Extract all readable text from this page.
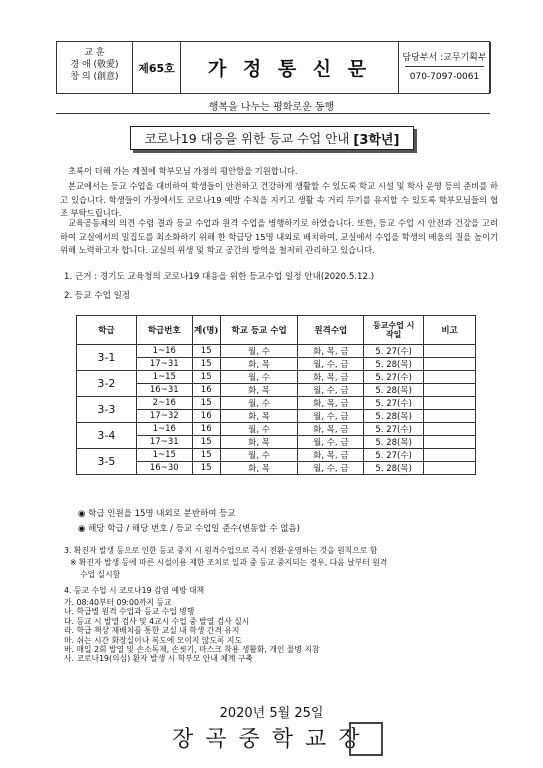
교 훈
경 애 (敬愛)
창 의 (創意)
제65호	가 정 통 신 문	담당부서 :교무기획부
070-7097-0061
행복을 나누는 평화로운 동행
코로나19 대응을 위한 등교 수업 안내 [3학년]

초록이 더해 가는 계절에 학부모님 가정의 평안함을 기원합니다.

본교에서는 등교 수업을 대비하여 학생들이 안전하고 건강하게 생활할 수 있도록 학교 시설 및 학사 운영 등의 준비를 하고 있습니다. 학생들이 가정에서도 코로나19 예방 수칙을 지키고 생활 속 거리 두기를 유지할 수 있도록 학부모님들의 협조 부탁드립니다.

교육공동체의 의견 수렴 결과 등교 수업과 원격 수업을 병행하기로 하였습니다. 또한, 등교 수업 시 안전과 건강을 고려하여 교실에서의 밀집도를 최소화하기 위해 한 학급당 15명 내외로 배치하여, 교실에서 수업을 학생의 배움의 질을 높이기 위해 노력하고자 합니다. 교실의 위생 및 학교 공간의 방역을 철저히 관리하고 있습니다.

1. 근거 : 경기도 교육청의 코로나19 대응을 위한 등교수업 일정 안내(2020.5.12.)
2. 등교 수업 일정
학급	학급번호	계(명)	학교 등교 수업	원격수업	등교수업 시작일	비고
3-1	1~16	15	월, 수	화, 목, 금	5. 27(수)	
	17~31	15	화, 목	월, 수, 금	5. 28(목)	
3-2	1~15	15	월, 수	화, 목, 금	5. 27(수)	
	16~31	16	화, 목	월, 수, 금	5. 28(목)	
3-3	2~16	15	월, 수	화, 목, 금	5. 27(수)	
	17~32	16	화, 목	월, 수, 금	5. 28(목)	
3-4	1~16	16	월, 수	화, 목, 금	5. 27(수)	
	17~31	15	화, 목	월, 수, 금	5. 28(목)	
3-5	1~15	15	월, 수	화, 목, 금	5. 27(수)	
	16~30	15	화, 목	월, 수, 금	5. 28(목)	
◉ 학급 인원을 15명 내외로 분반하여 등교
◉ 해당 학급 / 해당 번호 / 등교 수업일 준수(변동할 수 없음)
3. 확진자 발생 등으로 인한 등교 중지 시 원격수업으로 즉시 전환·운영하는 것을 원칙으로 함
※ 확진자 발생 등에 따른 시설이용 제한 조치로 일과 중 등교 중지되는 경우, 다음 날부터 원격
수업 실시함
4. 등교 수업 시 코로나19 감염 예방 대책
가. 08:40부터 09:00까지 등교
나. 학급별 원격 수업과 등교 수업 병행
다. 등교 시 발열 검사 및 4교시 수업 중 발열 검사 실시
라. 학급 책상 재배치를 통한 교실 내 학생 간격 유지
마. 쉬는 시간 화장실이나 복도에 모이지 않도록 지도
바. 매일 2회 발열 및 손소독제, 손씻기, 마스크 착용 생활화, 개인 물병 지참
사. 코로나19(의심) 환자 발생 시 학부모 안내 체계 구축
2020년 5월 25일
장곡중학교장
